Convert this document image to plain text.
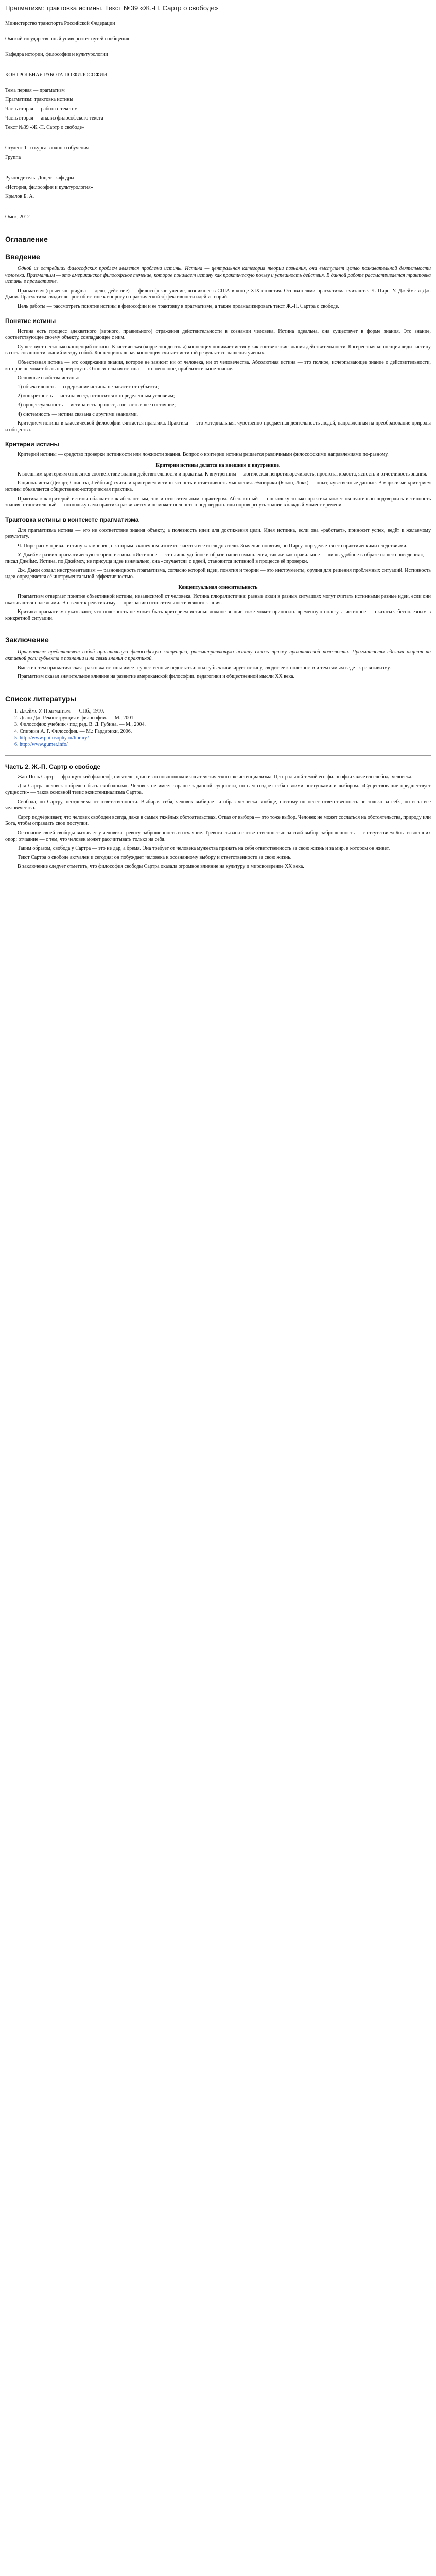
Прагматизм: трактовка истины. Текст №39 «Ж.-П. Сартр о свободе»
Министерство транспорта Российской Федерации
Омский государственный университет путей сообщения
Кафедра истории, философии и культурологии
КОНТРОЛЬНАЯ РАБОТА ПО ФИЛОСОФИИ
Тема первая — прагматизм
Прагматизм: трактовка истины
Часть вторая — работа с текстом
Часть вторая — анализ философского текста
Текст №39 «Ж.-П. Сартр о свободе»
Студент 1-го курса заочного обучения
Группа
Руководитель: Доцент кафедры
«История, философия и культурология»
Крылов Б. А.
Омск, 2012
Оглавление
Введение
Одной из острейших философских проблем является проблема истины. Истина — центральная категория теории познания, она выступает целью познавательной деятельности человека. Прагматизм — это американское философское течение, которое понимает истину как практическую пользу и успешность действия. В данной работе рассматривается трактовка истины в прагматизме.
Прагматизм (греческое pragma — дело, действие) — философское учение, возникшее в США в конце XIX столетия. Основателями прагматизма считаются Ч. Пирс, У. Джеймс и Дж. Дьюи. Прагматизм сводит вопрос об истине к вопросу о практической эффективности идей и теорий.
Цель работы — рассмотреть понятие истины в философии и её трактовку в прагматизме, а также проанализировать текст Ж.-П. Сартра о свободе.
Понятие истины
Истина есть процесс адекватного (верного, правильного) отражения действительности в сознании человека. Истина идеальна, она существует в форме знания. Это знание, соответствующее своему объекту, совпадающее с ним.
Существует несколько концепций истины. Классическая (корреспондентная) концепция понимает истину как соответствие знания действительности. Когерентная концепция видит истину в согласованности знаний между собой. Конвенциональная концепция считает истиной результат соглашения учёных.
Объективная истина — это содержание знания, которое не зависит ни от человека, ни от человечества. Абсолютная истина — это полное, исчерпывающее знание о действительности, которое не может быть опровергнуто. Относительная истина — это неполное, приблизительное знание.
Основные свойства истины:
1) объективность — содержание истины не зависит от субъекта;
2) конкретность — истина всегда относится к определённым условиям;
3) процессуальность — истина есть процесс, а не застывшее состояние;
4) системность — истина связана с другими знаниями.
Критерием истины в классической философии считается практика. Практика — это материальная, чувственно-предметная деятельность людей, направленная на преобразование природы и общества.
Критерии истины
Критерий истины — средство проверки истинности или ложности знания. Вопрос о критерии истины решается различными философскими направлениями по-разному.
Критерии истины делятся на внешние и внутренние.
К внешним критериям относятся соответствие знания действительности и практика. К внутренним — логическая непротиворечивость, простота, красота, ясность и отчётливость знания.
Рационалисты (Декарт, Спиноза, Лейбниц) считали критерием истины ясность и отчётливость мышления. Эмпирики (Бэкон, Локк) — опыт, чувственные данные. В марксизме критерием истины объявляется общественно-историческая практика.
Практика как критерий истины обладает как абсолютным, так и относительным характером. Абсолютный — поскольку только практика может окончательно подтвердить истинность знания; относительный — поскольку сама практика развивается и не может полностью подтвердить или опровергнуть знание в каждый момент времени.
Трактовка истины в контексте прагматизма
Для прагматизма истина — это не соответствие знания объекту, а полезность идеи для достижения цели. Идея истинна, если она «работает», приносит успех, ведёт к желаемому результату.
Ч. Пирс рассматривал истину как мнение, с которым в конечном итоге согласятся все исследователи. Значение понятия, по Пирсу, определяется его практическими следствиями.
У. Джеймс развил прагматическую теорию истины. «Истинное — это лишь удобное в образе нашего мышления, так же как правильное — лишь удобное в образе нашего поведения», — писал Джеймс. Истина, по Джеймсу, не присуща идее изначально, она «случается» с идеей, становится истинной в процессе её проверки.
Дж. Дьюи создал инструментализм — разновидность прагматизма, согласно которой идеи, понятия и теории — это инструменты, орудия для решения проблемных ситуаций. Истинность идеи определяется её инструментальной эффективностью.
Концептуальная относительность
Прагматизм отвергает понятие объективной истины, независимой от человека. Истина плюралистична: разные люди в разных ситуациях могут считать истинными разные идеи, если они оказываются полезными. Это ведёт к релятивизму — признанию относительности всякого знания.
Критики прагматизма указывают, что полезность не может быть критерием истины: ложное знание тоже может приносить временную пользу, а истинное — оказаться бесполезным в конкретной ситуации.
Заключение
Прагматизм представляет собой оригинальную философскую концепцию, рассматривающую истину сквозь призму практической полезности. Прагматисты сделали акцент на активной роли субъекта в познании и на связи знания с практикой.
Вместе с тем прагматическая трактовка истины имеет существенные недостатки: она субъективизирует истину, сводит её к полезности и тем самым ведёт к релятивизму.
Прагматизм оказал значительное влияние на развитие американской философии, педагогики и общественной мысли XX века.
Список литературы
1. Джеймс У. Прагматизм. — СПб., 1910.
2. Дьюи Дж. Реконструкция в философии. — М., 2001.
3. Философия: учебник / под ред. В. Д. Губина. — М., 2004.
4. Спиркин А. Г. Философия. — М.: Гардарики, 2006.
5. http://www.philosophy.ru/library/
6. http://www.gumer.info/
Часть 2. Ж.-П. Сартр о свободе
Жан-Поль Сартр — французский философ, писатель, один из основоположников атеистического экзистенциализма. Центральной темой его философии является свобода человека.
Для Сартра человек «обречён быть свободным». Человек не имеет заранее заданной сущности, он сам создаёт себя своими поступками и выбором. «Существование предшествует сущности» — таков основной тезис экзистенциализма Сартра.
Свобода, по Сартру, неотделима от ответственности. Выбирая себя, человек выбирает и образ человека вообще, поэтому он несёт ответственность не только за себя, но и за всё человечество.
Сартр подчёркивает, что человек свободен всегда, даже в самых тяжёлых обстоятельствах. Отказ от выбора — это тоже выбор. Человек не может сослаться на обстоятельства, природу или Бога, чтобы оправдать свои поступки.
Осознание своей свободы вызывает у человека тревогу, заброшенность и отчаяние. Тревога связана с ответственностью за свой выбор; заброшенность — с отсутствием Бога и внешних опор; отчаяние — с тем, что человек может рассчитывать только на себя.
Таким образом, свобода у Сартра — это не дар, а бремя. Она требует от человека мужества принять на себя ответственность за свою жизнь и за мир, в котором он живёт.
Текст Сартра о свободе актуален и сегодня: он побуждает человека к осознанному выбору и ответственности за свою жизнь.
В заключение следует отметить, что философия свободы Сартра оказала огромное влияние на культуру и мировоззрение XX века.
